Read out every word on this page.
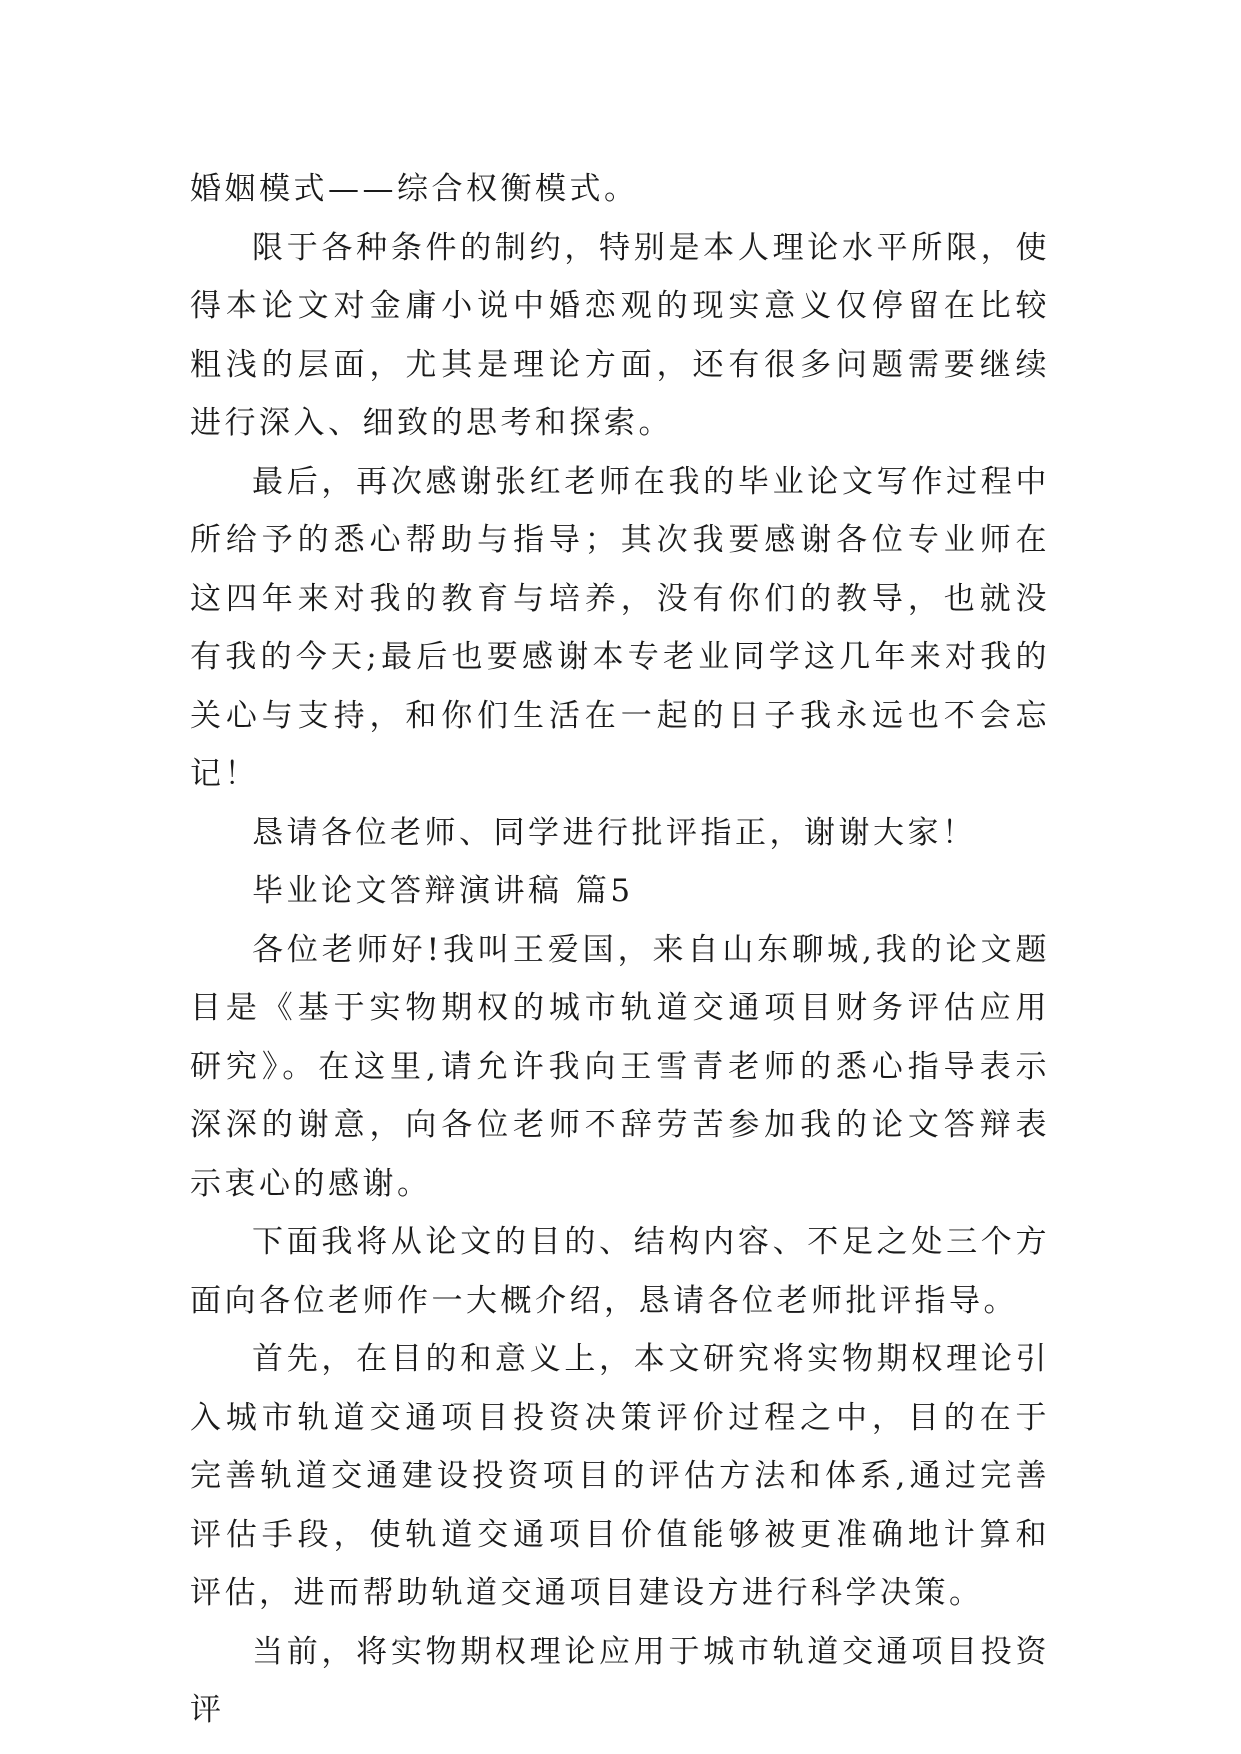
婚姻模式——综合权衡模式。

限于各种条件的制约，特别是本人理论水平所限，使得本论文对金庸小说中婚恋观的现实意义仅停留在比较粗浅的层面，尤其是理论方面，还有很多问题需要继续进行深入、细致的思考和探索。

最后，再次感谢张红老师在我的毕业论文写作过程中所给予的悉心帮助与指导；其次我要感谢各位专业师在这四年来对我的教育与培养，没有你们的教导，也就没有我的今天;最后也要感谢本专老业同学这几年来对我的关心与支持，和你们生活在一起的日子我永远也不会忘记！

恳请各位老师、同学进行批评指正，谢谢大家！

毕业论文答辩演讲稿 篇5

各位老师好!我叫王爱国，来自山东聊城,我的论文题目是《基于实物期权的城市轨道交通项目财务评估应用研究》。在这里,请允许我向王雪青老师的悉心指导表示深深的谢意，向各位老师不辞劳苦参加我的论文答辩表示衷心的感谢。

下面我将从论文的目的、结构内容、不足之处三个方面向各位老师作一大概介绍，恳请各位老师批评指导。

首先，在目的和意义上，本文研究将实物期权理论引入城市轨道交通项目投资决策评价过程之中，目的在于完善轨道交通建设投资项目的评估方法和体系,通过完善评估手段，使轨道交通项目价值能够被更准确地计算和评估，进而帮助轨道交通项目建设方进行科学决策。

当前，将实物期权理论应用于城市轨道交通项目投资评
